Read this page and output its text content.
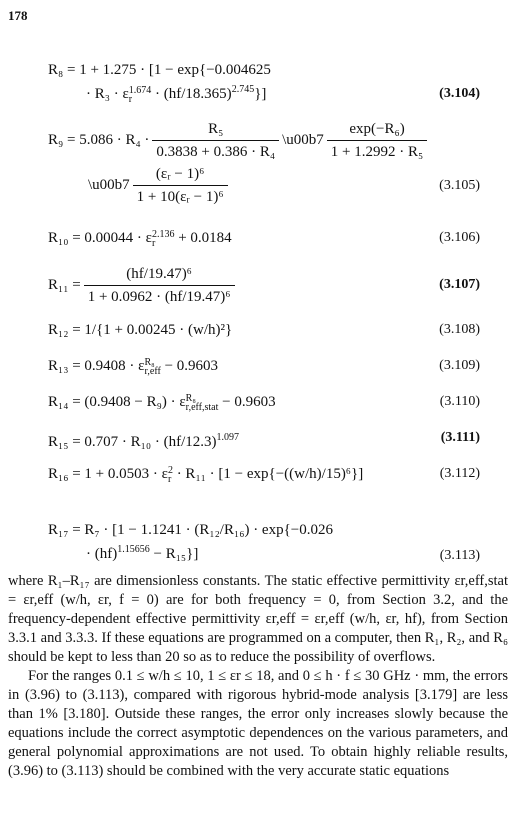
178
R₈ = 1 + 1.275 · [1 − exp{−0.004625
· R₃ · ε 1.674
r	· $(hf/18.365)^{2.745}$}]	(3.104)
$R_9 = 5.086 \cdot R_4 \cdot \frac{\text{R₅}}{\text{0.3838 + 0.386 · R₄}}$ \u00b7 $\frac{\text{exp(−R₆)}}{\text{1 + 1.2992 · R₅}}$
\u00b7 $\frac{\text{(εᵣ − 1)⁶}}{\text{1 + 10(εᵣ − 1)⁶}}$	(3.105)
R₁₀ = 0.00044 · ε 2.136
r	+ 0.0184	(3.106)
$R_{11} = \frac{\text{(hf/19.47)⁶}}{\text{1 + 0.0962 · (hf/19.47)⁶}}$	(3.107)
R₁₂ = 1/{1 + 0.00245 · (w/h)²}	(3.108)
R₁₃ = 0.9408 · ε R₈
r,eff − 0.9603	(3.109)
R₁₄ = (0.9408 − R₉) · ε R₈
r,eff,stat − 0.9603	(3.110)
$R_{15} = 0.707 \cdot R_{10} \cdot (hf/12.3)^{1.097}$	(3.111)
R₁₆ = 1 + 0.0503 · ε 2
r · R₁₁ · [1 − exp{−((w/h)/15)⁶}]	(3.112)
R₁₇ = R₇ · [1 − 1.1241 · (R₁₂/R₁₆) · exp{−0.026
· (hf)$^{1.15656}$ − R₁₅}]	(3.113)

where R₁–R₁₇ are dimensionless constants. The static effective permittivity εr,eff,stat = εr,eff (w/h, εr, f = 0) are for both frequency = 0, from Section 3.2, and the frequency-dependent effective permittivity εr,eff = εr,eff (w/h, εr, hf), from Section 3.3.1 and 3.3.3. If these equations are programmed on a computer, then R₁, R₂, and R₆ should be kept to less than 20 so as to reduce the possibility of overflows.

For the ranges 0.1 ≤ w/h ≤ 10, 1 ≤ εr ≤ 18, and 0 ≤ h · f ≤ 30 GHz · mm, the errors in (3.96) to (3.113), compared with rigorous hybrid-mode analysis [3.179] are less than 1% [3.180]. Outside these ranges, the error only increases slowly because the equations include the correct asymptotic dependences on the various parameters, and general polynomial approximations are not used. To obtain highly reliable results, (3.96) to (3.113) should be combined with the very accurate static equations
